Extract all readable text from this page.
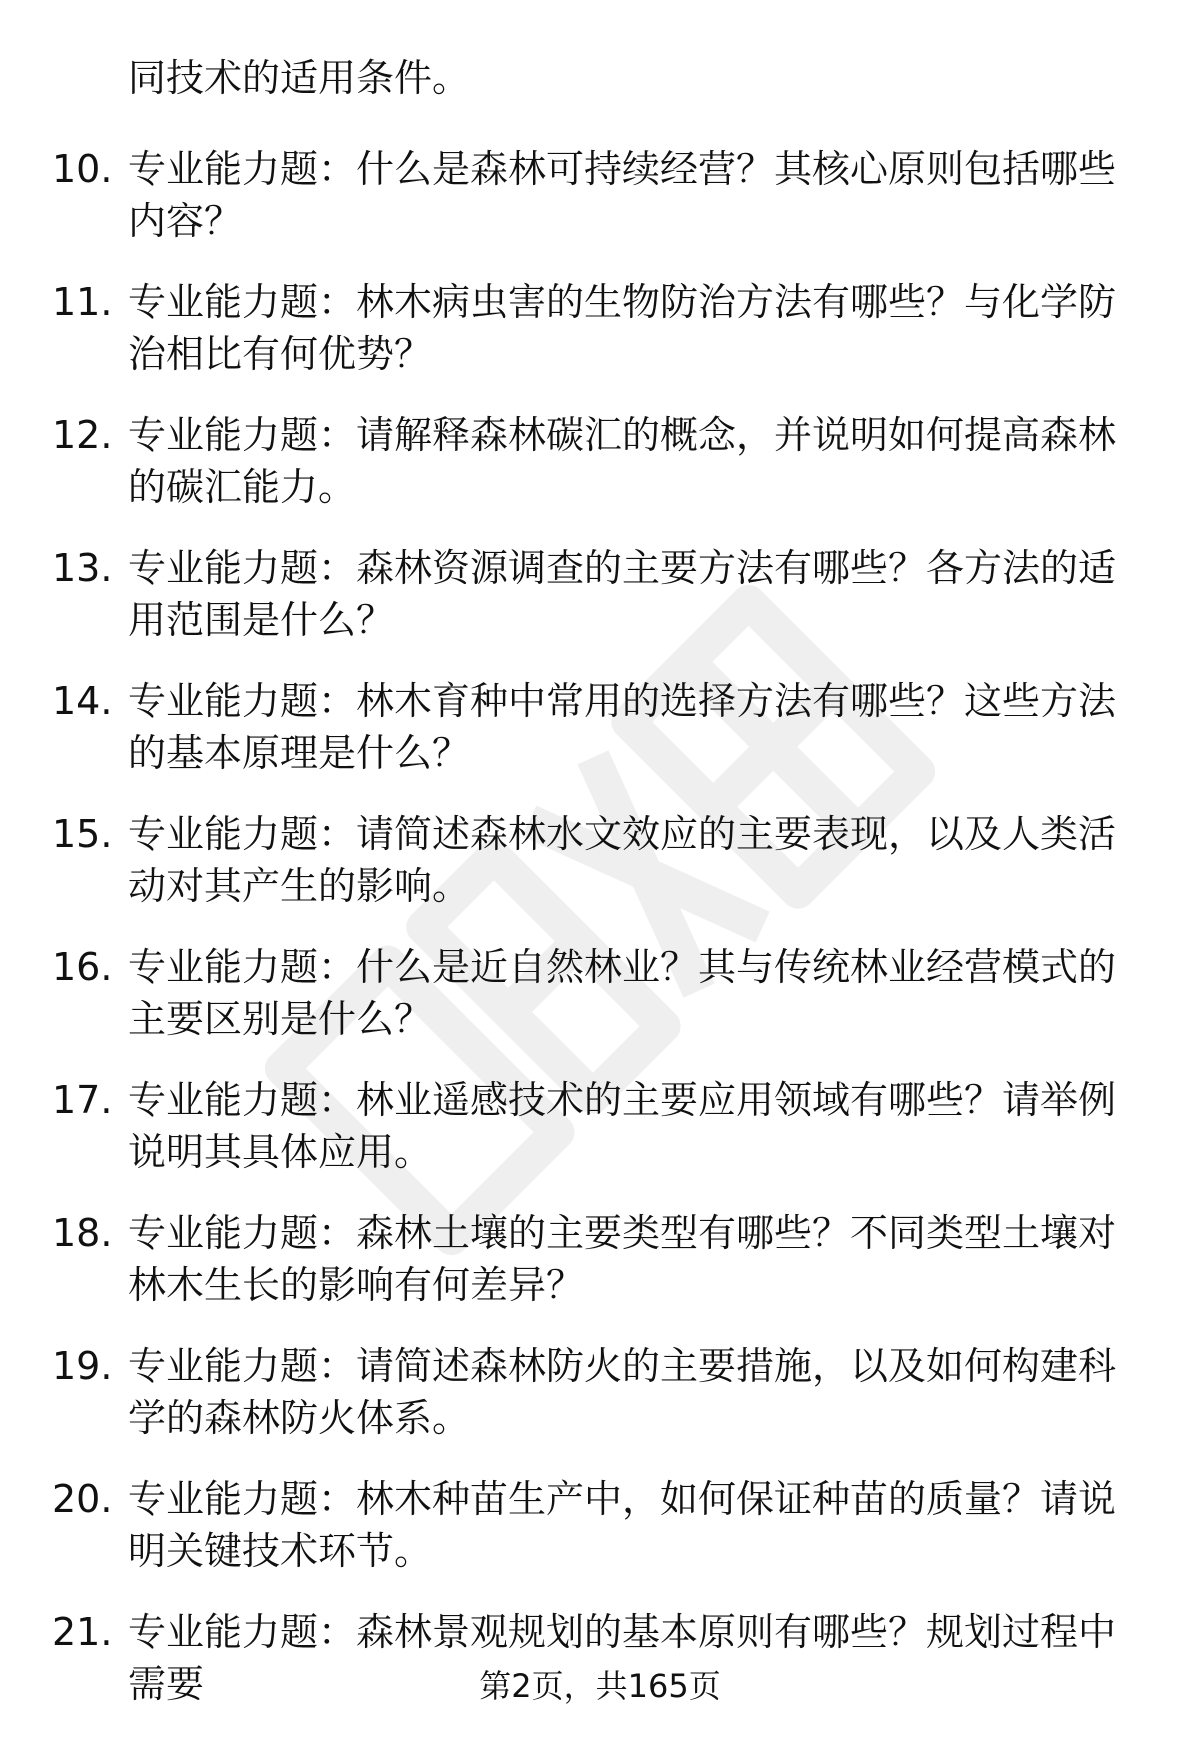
同技术的适用条件。

10. 专业能力题：什么是森林可持续经营？其核心原则包括哪些内容？

11. 专业能力题：林木病虫害的生物防治方法有哪些？与化学防治相比有何优势？

12. 专业能力题：请解释森林碳汇的概念，并说明如何提高森林的碳汇能力。

13. 专业能力题：森林资源调查的主要方法有哪些？各方法的适用范围是什么？

14. 专业能力题：林木育种中常用的选择方法有哪些？这些方法的基本原理是什么？

15. 专业能力题：请简述森林水文效应的主要表现，以及人类活动对其产生的影响。

16. 专业能力题：什么是近自然林业？其与传统林业经营模式的主要区别是什么？

17. 专业能力题：林业遥感技术的主要应用领域有哪些？请举例说明其具体应用。

18. 专业能力题：森林土壤的主要类型有哪些？不同类型土壤对林木生长的影响有何差异？

19. 专业能力题：请简述森林防火的主要措施，以及如何构建科学的森林防火体系。

20. 专业能力题：林木种苗生产中，如何保证种苗的质量？请说明关键技术环节。

21. 专业能力题：森林景观规划的基本原则有哪些？规划过程中需要	第2页，共165页
